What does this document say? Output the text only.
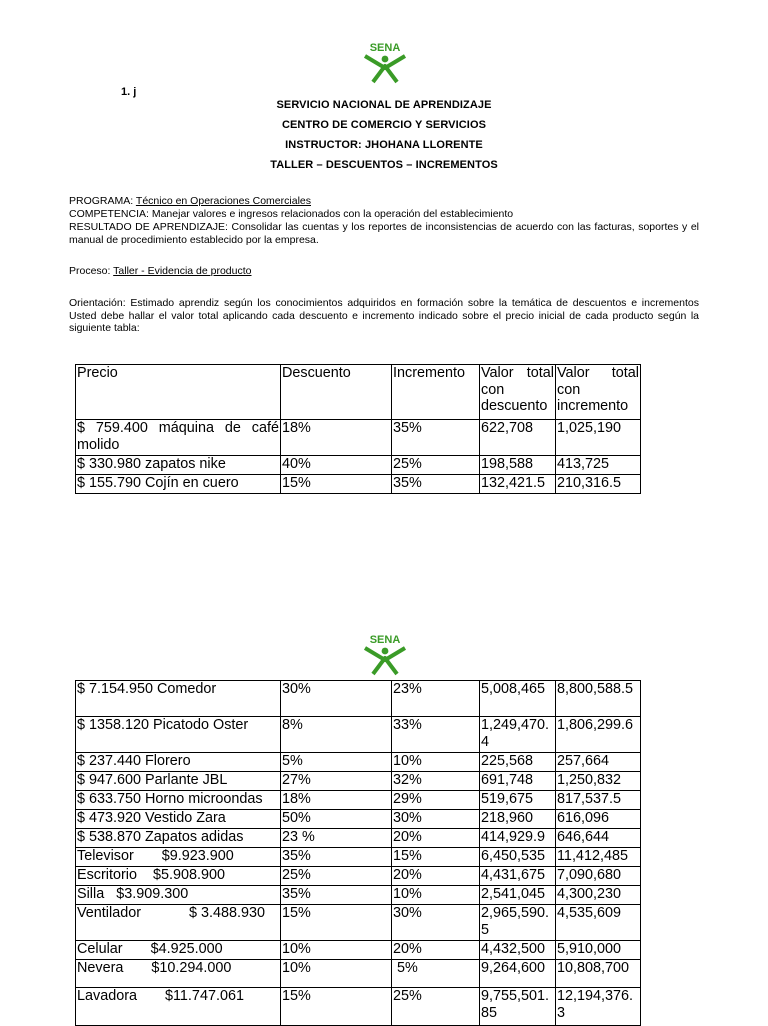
SENA
1. j
SERVICIO NACIONAL DE APRENDIZAJE
CENTRO DE COMERCIO Y SERVICIOS
INSTRUCTOR: JHOHANA LLORENTE
TALLER – DESCUENTOS – INCREMENTOS
PROGRAMA: Técnico en Operaciones Comerciales
COMPETENCIA: Manejar valores e ingresos relacionados con la operación del establecimiento
RESULTADO DE APRENDIZAJE: Consolidar las cuentas y los reportes de inconsistencias de acuerdo con las facturas, soportes y el manual de procedimiento establecido por la empresa.
Proceso: Taller - Evidencia de producto
Orientación: Estimado aprendiz según los conocimientos adquiridos en formación sobre la temática de descuentos e incrementos Usted debe hallar el valor total aplicando cada descuento e incremento indicado sobre el precio inicial de cada producto según la siguiente tabla:
Precio	Descuento	Incremento	Valor total con descuento	Valor total con incremento
$ 759.400 máquina de café molido	18%	35%	622,708	1,025,190
$ 330.980 zapatos nike	40%	25%	198,588	413,725
$ 155.790 Cojín en cuero	15%	35%	132,421.5	210,316.5
SENA
$ 7.154.950 Comedor	30%	23%	5,008,465	8,800,588.5
$ 1358.120 Picatodo Oster	8%	33%	1,249,470.4	1,806,299.6
$ 237.440 Florero	5%	10%	225,568	257,664
$ 947.600 Parlante JBL	27%	32%	691,748	1,250,832
$ 633.750 Horno microondas	18%	29%	519,675	817,537.5
$ 473.920 Vestido Zara	50%	30%	218,960	616,096
$ 538.870 Zapatos adidas	23 %	20%	414,929.9	646,644
Televisor       $9.923.900	35%	15%	6,450,535	11,412,485
Escritorio    $5.908.900	25%	20%	4,431,675	7,090,680
Silla   $3.909.300	35%	10%	2,541,045	4,300,230
Ventilador            $ 3.488.930	15%	30%	2,965,590.5	4,535,609
Celular       $4.925.000	10%	20%	4,432,500	5,910,000
Nevera       $10.294.000	10%	5%	9,264,600	10,808,700
Lavadora       $11.747.061	15%	25%	9,755,501.85	12,194,376.3
